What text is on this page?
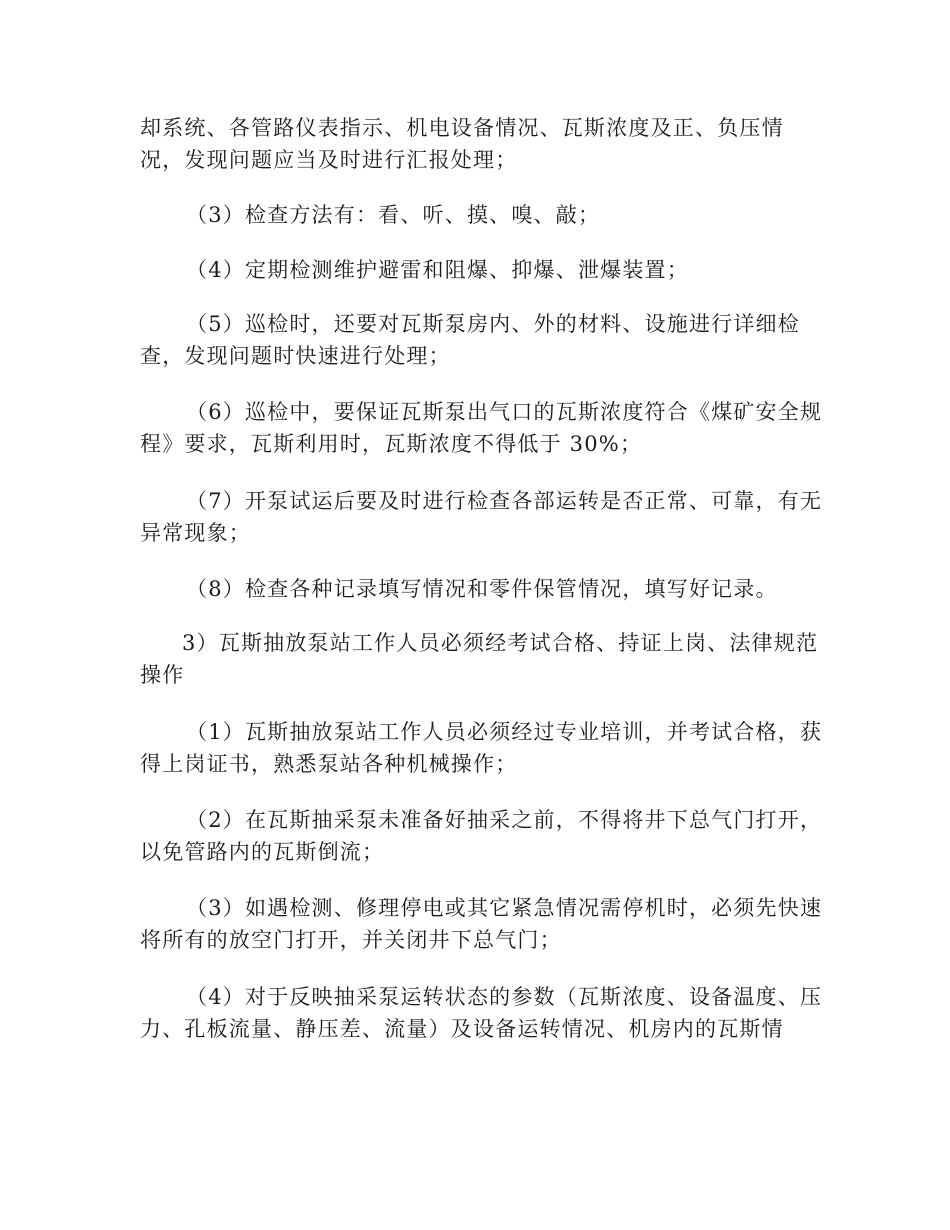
却系统、各管路仪表指示、机电设备情况、瓦斯浓度及正、负压情
况，发现问题应当及时进行汇报处理；

（3）检查方法有：看、听、摸、嗅、敲；

（4）定期检测维护避雷和阻爆、抑爆、泄爆装置；

（5）巡检时，还要对瓦斯泵房内、外的材料、设施进行详细检
查，发现问题时快速进行处理；

（6）巡检中，要保证瓦斯泵出气口的瓦斯浓度符合《煤矿安全规
程》要求，瓦斯利用时，瓦斯浓度不得低于 30%；

（7）开泵试运后要及时进行检查各部运转是否正常、可靠，有无
异常现象；

（8）检查各种记录填写情况和零件保管情况，填写好记录。

3）瓦斯抽放泵站工作人员必须经考试合格、持证上岗、法律规范
操作

（1）瓦斯抽放泵站工作人员必须经过专业培训，并考试合格，获
得上岗证书，熟悉泵站各种机械操作；

（2）在瓦斯抽采泵未准备好抽采之前，不得将井下总气门打开，
以免管路内的瓦斯倒流；

（3）如遇检测、修理停电或其它紧急情况需停机时，必须先快速
将所有的放空门打开，并关闭井下总气门；

（4）对于反映抽采泵运转状态的参数（瓦斯浓度、设备温度、压
力、孔板流量、静压差、流量）及设备运转情况、机房内的瓦斯情
